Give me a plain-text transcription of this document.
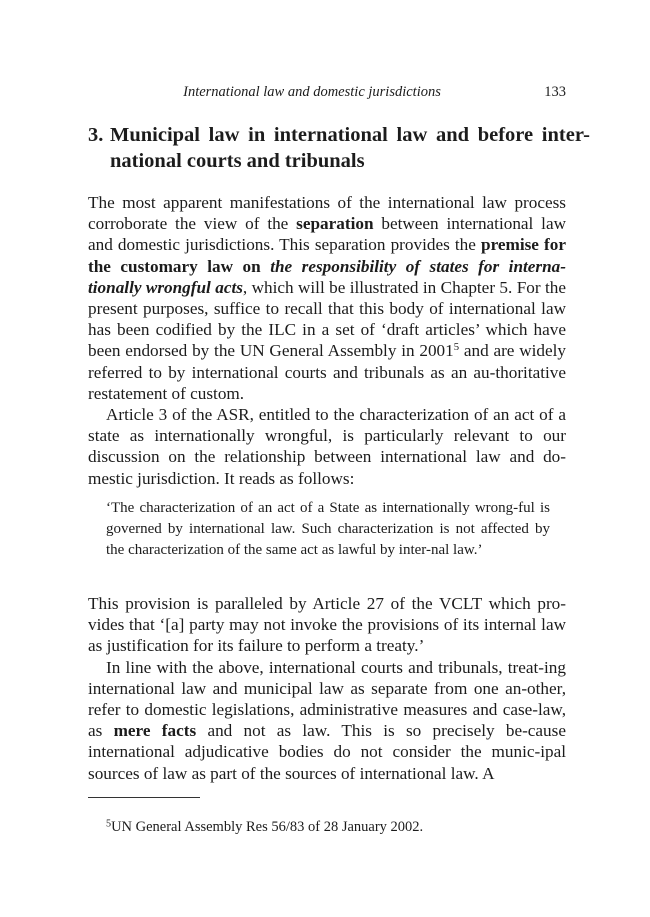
International law and domestic jurisdictions	133
3. Municipal law in international law and before inter-national courts and tribunals

The most apparent manifestations of the international law process corroborate the view of the separation between international law and domestic jurisdictions. This separation provides the premise for the customary law on the responsibility of states for interna-tionally wrongful acts, which will be illustrated in Chapter 5. For the present purposes, suffice to recall that this body of international law has been codified by the ILC in a set of ‘draft articles’ which have been endorsed by the UN General Assembly in 2001$^5$ and are widely referred to by international courts and tribunals as an au-thoritative restatement of custom.

Article 3 of the ASR, entitled to the characterization of an act of a state as internationally wrongful, is particularly relevant to our discussion on the relationship between international law and do-mestic jurisdiction. It reads as follows:

‘The characterization of an act of a State as internationally wrong-ful is governed by international law. Such characterization is not affected by the characterization of the same act as lawful by inter-nal law.’

This provision is paralleled by Article 27 of the VCLT which pro-vides that ‘[a] party may not invoke the provisions of its internal law as justification for its failure to perform a treaty.’

In line with the above, international courts and tribunals, treat-ing international law and municipal law as separate from one an-other, refer to domestic legislations, administrative measures and case-law, as mere facts and not as law. This is so precisely be-cause international adjudicative bodies do not consider the munic-ipal sources of law as part of the sources of international law. A

$^5$UN General Assembly Res 56/83 of 28 January 2002.
